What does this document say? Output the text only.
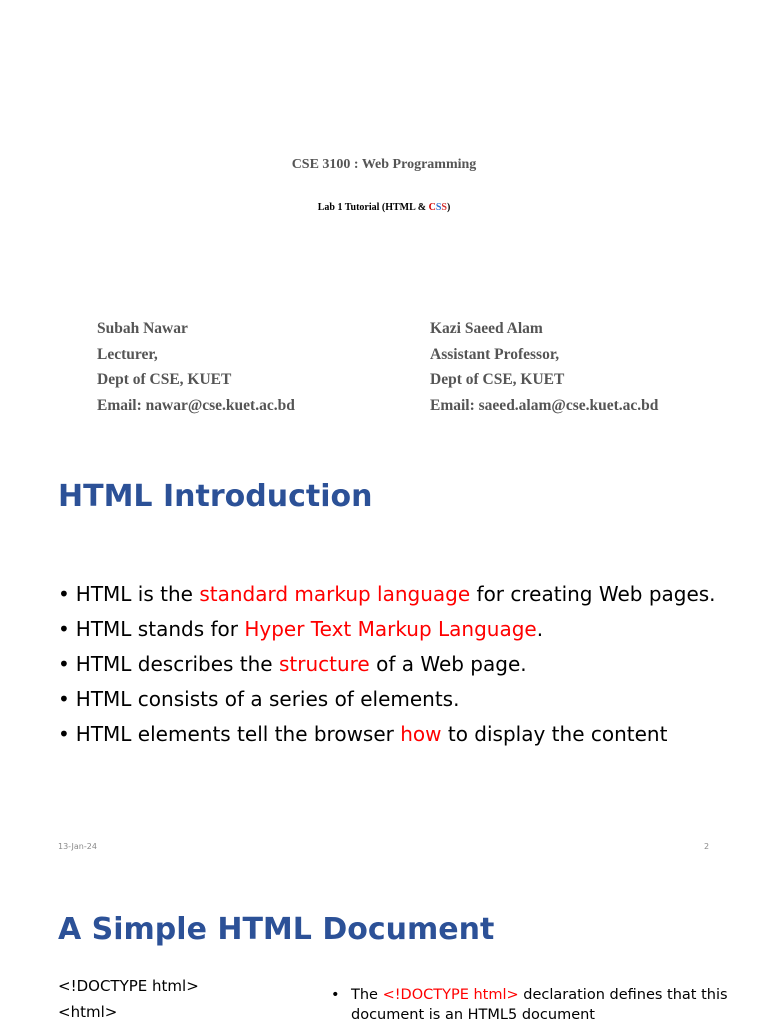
CSE 3100 : Web Programming
Lab 1 Tutorial (HTML & CSS)
Subah Nawar
Lecturer,
Dept of CSE, KUET
Email: nawar@cse.kuet.ac.bd
Kazi Saeed Alam
Assistant Professor,
Dept of CSE, KUET
Email: saeed.alam@cse.kuet.ac.bd
HTML Introduction
• HTML is the standard markup language for creating Web pages.
• HTML stands for Hyper Text Markup Language.
• HTML describes the structure of a Web page.
• HTML consists of a series of elements.
• HTML elements tell the browser how to display the content
13-Jan-24	2
A Simple HTML Document
<!DOCTYPE html>
<html>
• The <!DOCTYPE html> declaration defines that this document is an HTML5 document
